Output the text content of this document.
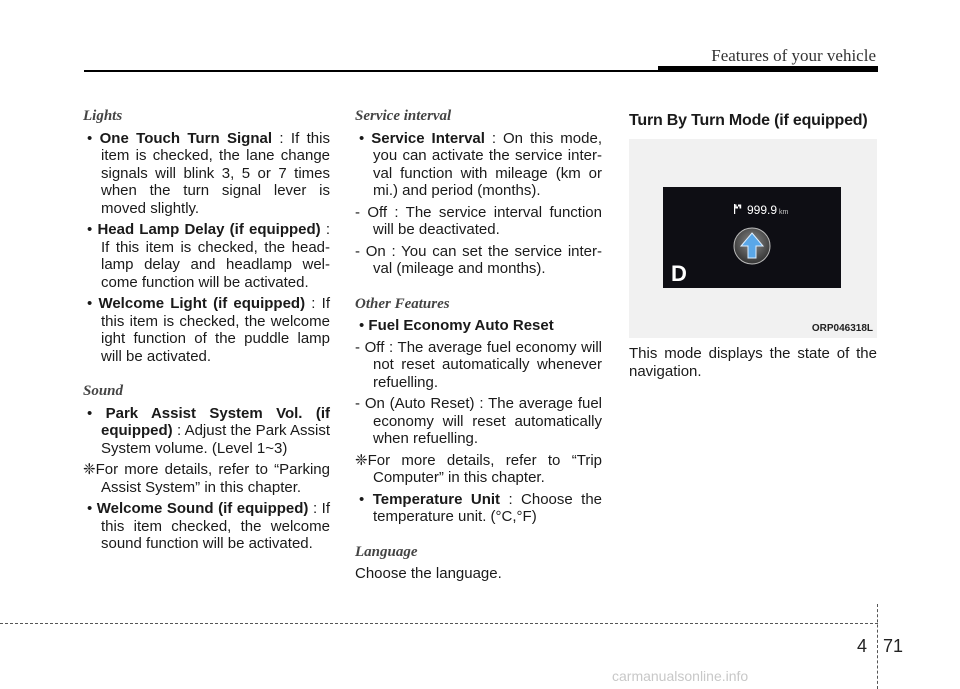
Features of your vehicle

Lights

• One Touch Turn Signal : If this item is checked, the lane change signals will blink 3, 5 or 7 times when the turn signal lever is moved slightly.

• Head Lamp Delay (if equipped) : If this item is checked, the head-lamp delay and headlamp wel-come function will be activated.

• Welcome Light (if equipped) : If this item is checked, the welcome ight function of the puddle lamp will be activated.

Sound

• Park Assist System Vol. (if equipped) : Adjust the Park Assist System volume. (Level 1~3)

❈For more details, refer to “Parking Assist System” in this chapter.

• Welcome Sound (if equipped) : If this item checked, the welcome sound function will be activated.

Service interval

• Service Interval : On this mode, you can activate the service inter-val function with mileage (km or mi.) and period (months).

- Off : The service interval function will be deactivated.

- On : You can set the service inter-val (mileage and months).

Other Features

• Fuel Economy Auto Reset

- Off : The average fuel economy will not reset automatically whenever refuelling.

- On (Auto Reset) : The average fuel economy will reset automatically when refuelling.

❈For more details, refer to “Trip Computer” in this chapter.

• Temperature Unit : Choose the temperature unit. (°C,°F)

Language

Choose the language.

Turn By Turn Mode (if equipped)

999.9 km
D
ORP046318L

This mode displays the state of the navigation.

4 71
carmanualsonline.info
